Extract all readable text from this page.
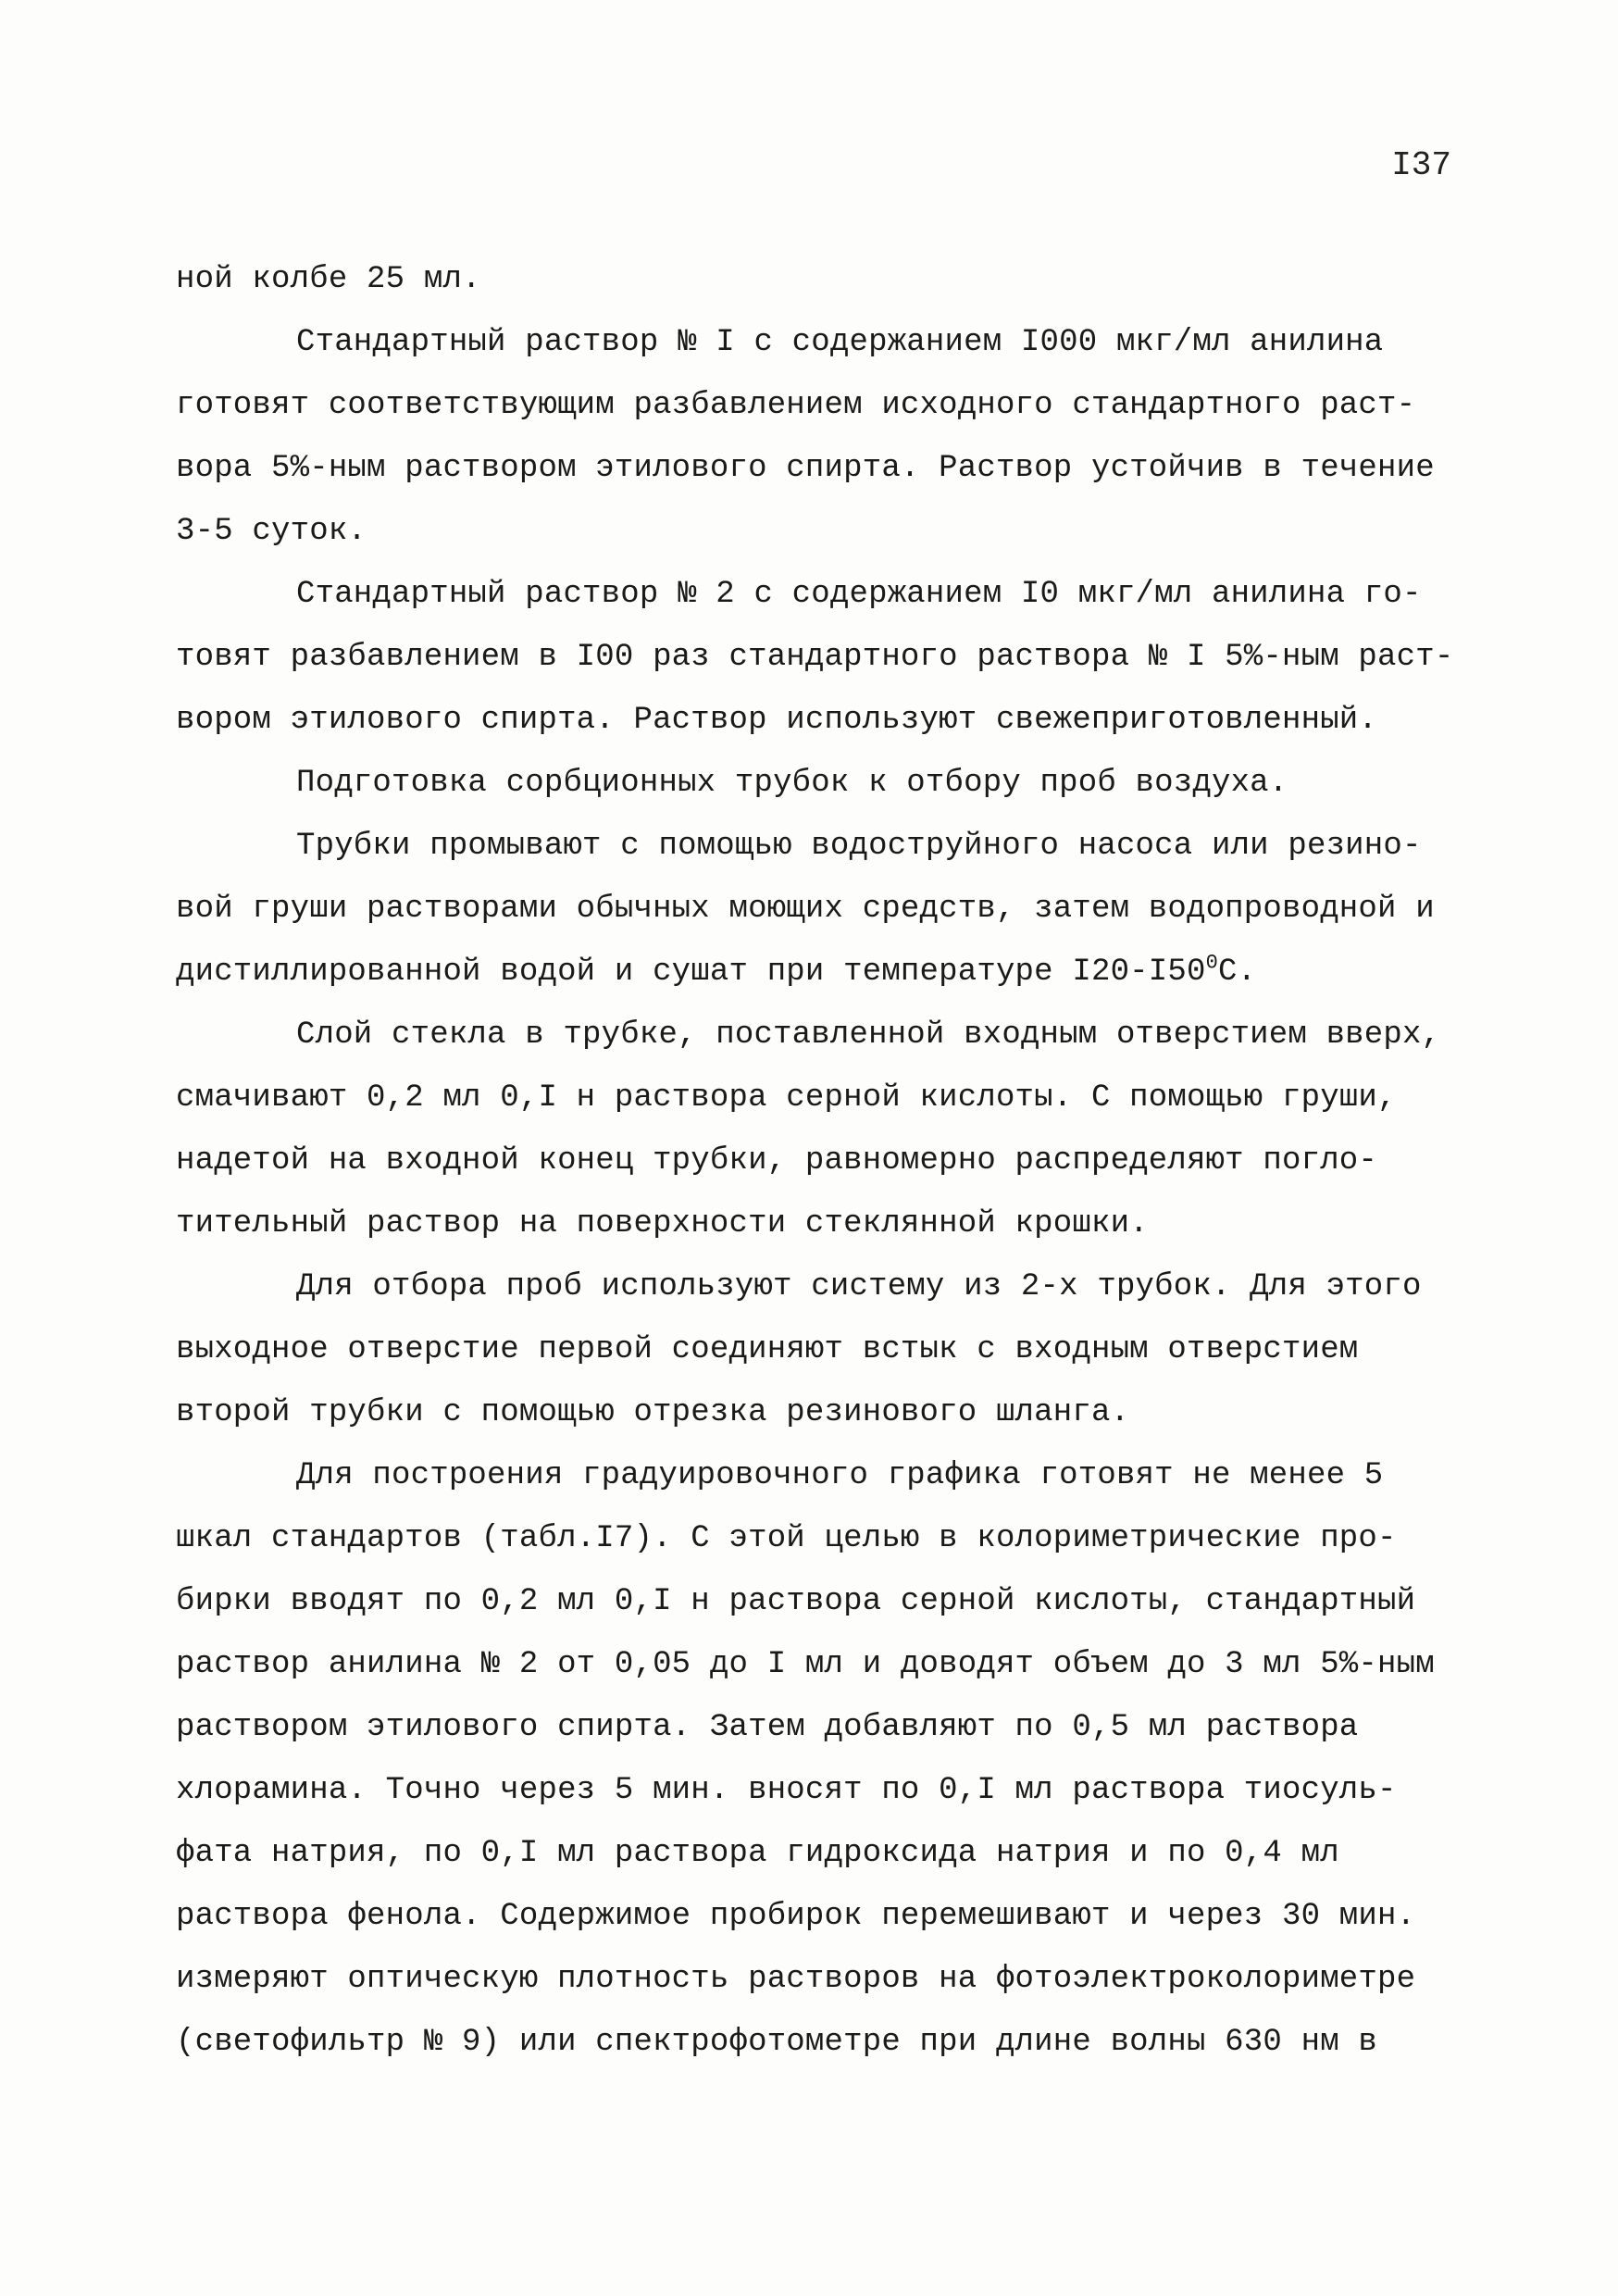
I37
ной колбе 25 мл.
Стандартный раствор № I с содержанием I000 мкг/мл анилина
готовят соответствующим разбавлением исходного стандартного раст-
вора 5%-ным раствором этилового спирта. Раствор устойчив в течение
3-5 суток.
Стандартный раствор № 2 с содержанием I0 мкг/мл анилина го-
товят разбавлением в I00 раз стандартного раствора № I 5%-ным раст-
вором этилового спирта. Раствор используют свежеприготовленный.
Подготовка сорбционных трубок к отбору проб воздуха.
Трубки промывают с помощью водоструйного насоса или резино-
вой груши растворами обычных моющих средств, затем водопроводной и
дистиллированной водой и сушат при температуре $I20-I50^0С$.
Слой стекла в трубке, поставленной входным отверстием вверх,
смачивают 0,2 мл 0,I н раствора серной кислоты. С помощью груши,
надетой на входной конец трубки, равномерно распределяют погло-
тительный раствор на поверхности стеклянной крошки.
Для отбора проб используют систему из 2-х трубок. Для этого
выходное отверстие первой соединяют встык с входным отверстием
второй трубки с помощью отрезка резинового шланга.
Для построения градуировочного графика готовят не менее 5
шкал стандартов (табл.I7). С этой целью в колориметрические про-
бирки вводят по 0,2 мл 0,I н раствора серной кислоты, стандартный
раствор анилина № 2 от 0,05 до I мл и доводят объем до 3 мл 5%-ным
раствором этилового спирта. Затем добавляют по 0,5 мл раствора
хлорамина. Точно через 5 мин. вносят по 0,I мл раствора тиосуль-
фата натрия, по 0,I мл раствора гидроксида натрия и по 0,4 мл
раствора фенола. Содержимое пробирок перемешивают и через 30 мин.
измеряют оптическую плотность растворов на фотоэлектроколориметре
(светофильтр № 9) или спектрофотометре при длине волны 630 нм в
